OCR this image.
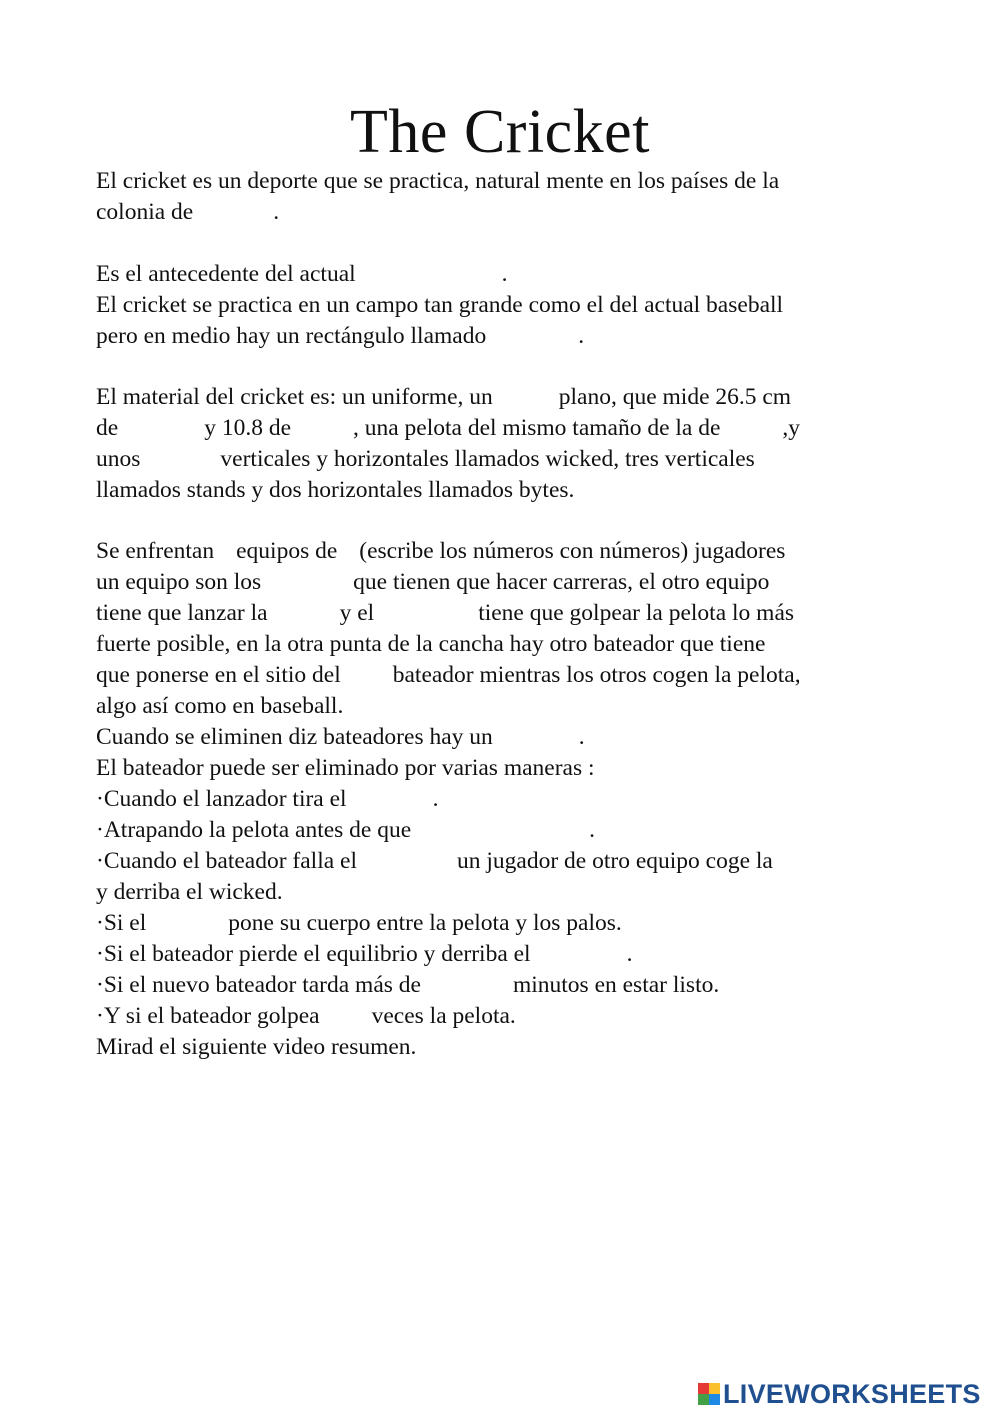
The Cricket
El cricket es un deporte que se practica, natural mente en los países de la
colonia de	.
Es el antecedente del actual	.
El cricket se practica en un campo tan grande como el del actual baseball
pero en medio hay un rectángulo llamado	.
El material del cricket es: un uniforme, un	plano, que mide 26.5 cm
de	y 10.8 de	, una pelota del mismo tamaño de la de	,y
unos	verticales y horizontales llamados wicked, tres verticales
llamados stands y dos horizontales llamados bytes.
Se enfrentan equipos de (escribe los números con números) jugadores
un equipo son los	que tienen que hacer carreras, el otro equipo
tiene que lanzar la	y el	tiene que golpear la pelota lo más
fuerte posible, en la otra punta de la cancha hay otro bateador que tiene
que ponerse en el sitio del bateador mientras los otros cogen la pelota,
algo así como en baseball.
Cuando se eliminen diz bateadores hay un	.
El bateador puede ser eliminado por varias maneras :
·Cuando el lanzador tira el	.
·Atrapando la pelota antes de que	.
·Cuando el bateador falla el	un jugador de otro equipo coge la
y derriba el wicked.
·Si el	pone su cuerpo entre la pelota y los palos.
·Si el bateador pierde el equilibrio y derriba el	.
·Si el nuevo bateador tarda más de	minutos en estar listo.
·Y si el bateador golpea veces la pelota.
Mirad el siguiente video resumen.
LIVEWORKSHEETS
